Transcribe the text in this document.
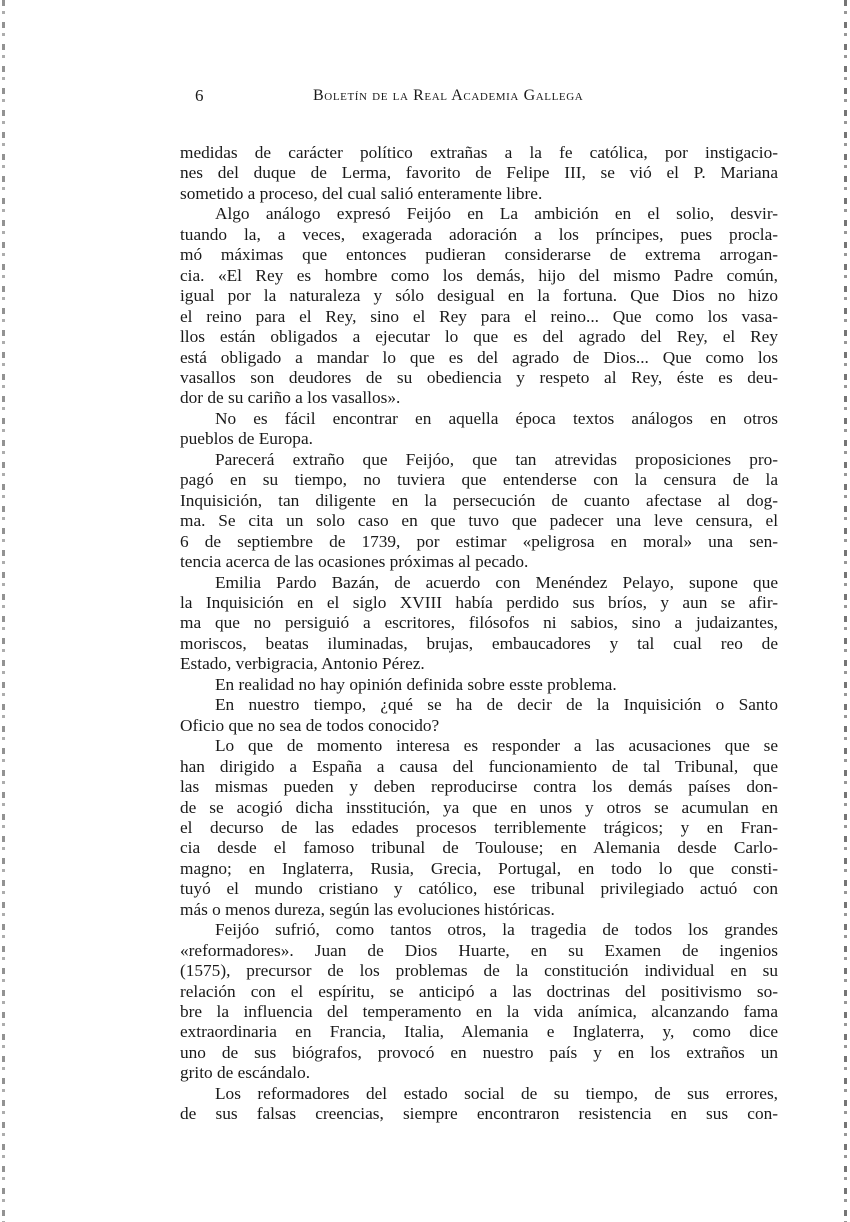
6	Boletín de la Real Academia Gallega
medidas de carácter político extrañas a la fe católica, por instigacio-
nes del duque de Lerma, favorito de Felipe III, se vió el P. Mariana
sometido a proceso, del cual salió enteramente libre.
Algo análogo expresó Feijóo en La ambición en el solio, desvir-
tuando la, a veces, exagerada adoración a los príncipes, pues procla-
mó máximas que entonces pudieran considerarse de extrema arrogan-
cia. «El Rey es hombre como los demás, hijo del mismo Padre común,
igual por la naturaleza y sólo desigual en la fortuna. Que Dios no hizo
el reino para el Rey, sino el Rey para el reino... Que como los vasa-
llos están obligados a ejecutar lo que es del agrado del Rey, el Rey
está obligado a mandar lo que es del agrado de Dios... Que como los
vasallos son deudores de su obediencia y respeto al Rey, éste es deu-
dor de su cariño a los vasallos».
No es fácil encontrar en aquella época textos análogos en otros
pueblos de Europa.
Parecerá extraño que Feijóo, que tan atrevidas proposiciones pro-
pagó en su tiempo, no tuviera que entenderse con la censura de la
Inquisición, tan diligente en la persecución de cuanto afectase al dog-
ma. Se cita un solo caso en que tuvo que padecer una leve censura, el
6 de septiembre de 1739, por estimar «peligrosa en moral» una sen-
tencia acerca de las ocasiones próximas al pecado.
Emilia Pardo Bazán, de acuerdo con Menéndez Pelayo, supone que
la Inquisición en el siglo XVIII había perdido sus bríos, y aun se afir-
ma que no persiguió a escritores, filósofos ni sabios, sino a judaizantes,
moriscos, beatas iluminadas, brujas, embaucadores y tal cual reo de
Estado, verbigracia, Antonio Pérez.
En realidad no hay opinión definida sobre esste problema.
En nuestro tiempo, ¿qué se ha de decir de la Inquisición o Santo
Oficio que no sea de todos conocido?
Lo que de momento interesa es responder a las acusaciones que se
han dirigido a España a causa del funcionamiento de tal Tribunal, que
las mismas pueden y deben reproducirse contra los demás países don-
de se acogió dicha insstitución, ya que en unos y otros se acumulan en
el decurso de las edades procesos terriblemente trágicos; y en Fran-
cia desde el famoso tribunal de Toulouse; en Alemania desde Carlo-
magno; en Inglaterra, Rusia, Grecia, Portugal, en todo lo que consti-
tuyó el mundo cristiano y católico, ese tribunal privilegiado actuó con
más o menos dureza, según las evoluciones históricas.
Feijóo sufrió, como tantos otros, la tragedia de todos los grandes
«reformadores». Juan de Dios Huarte, en su Examen de ingenios
(1575), precursor de los problemas de la constitución individual en su
relación con el espíritu, se anticipó a las doctrinas del positivismo so-
bre la influencia del temperamento en la vida anímica, alcanzando fama
extraordinaria en Francia, Italia, Alemania e Inglaterra, y, como dice
uno de sus biógrafos, provocó en nuestro país y en los extraños un
grito de escándalo.
Los reformadores del estado social de su tiempo, de sus errores,
de sus falsas creencias, siempre encontraron resistencia en sus con-
